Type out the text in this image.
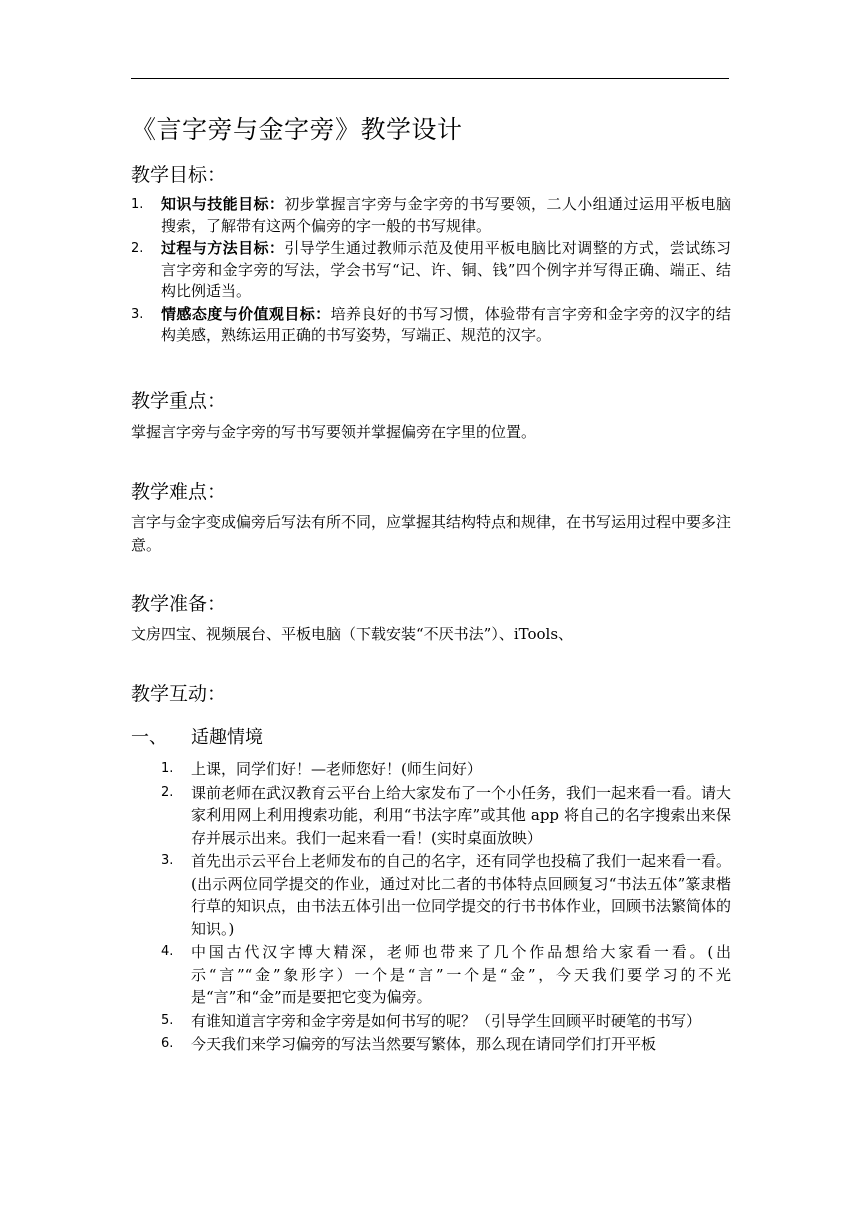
《言字旁与金字旁》教学设计
教学目标：
1. 知识与技能目标：初步掌握言字旁与金字旁的书写要领，二人小组通过运用平板电脑搜索，了解带有这两个偏旁的字一般的书写规律。
2. 过程与方法目标：引导学生通过教师示范及使用平板电脑比对调整的方式，尝试练习言字旁和金字旁的写法，学会书写“记、许、铜、钱”四个例字并写得正确、端正、结构比例适当。
3. 情感态度与价值观目标：培养良好的书写习惯，体验带有言字旁和金字旁的汉字的结构美感，熟练运用正确的书写姿势，写端正、规范的汉字。
教学重点：

掌握言字旁与金字旁的写书写要领并掌握偏旁在字里的位置。

教学难点：

言字与金字变成偏旁后写法有所不同，应掌握其结构特点和规律，在书写运用过程中要多注意。

教学准备：

文房四宝、视频展台、平板电脑（下载安装“不厌书法”）、iTools、

教学互动：
一、 适趣情境
1. 上课，同学们好！—老师您好！(师生问好）
2. 课前老师在武汉教育云平台上给大家发布了一个小任务，我们一起来看一看。请大家利用网上利用搜索功能，利用“书法字库”或其他 app 将自己的名字搜索出来保存并展示出来。我们一起来看一看！(实时桌面放映）
3. 首先出示云平台上老师发布的自己的名字，还有同学也投稿了我们一起来看一看。(出示两位同学提交的作业，通过对比二者的书体特点回顾复习“书法五体”篆隶楷行草的知识点，由书法五体引出一位同学提交的行书书体作业，回顾书法繁简体的知识。)
4. 中国古代汉字博大精深，老师也带来了几个作品想给大家看一看。(出示“言”“金”象形字）一个是“言”一个是“金”，今天我们要学习的不光是“言”和“金”而是要把它变为偏旁。
5. 有谁知道言字旁和金字旁是如何书写的呢？（引导学生回顾平时硬笔的书写）
6. 今天我们来学习偏旁的写法当然要写繁体，那么现在请同学们打开平板
